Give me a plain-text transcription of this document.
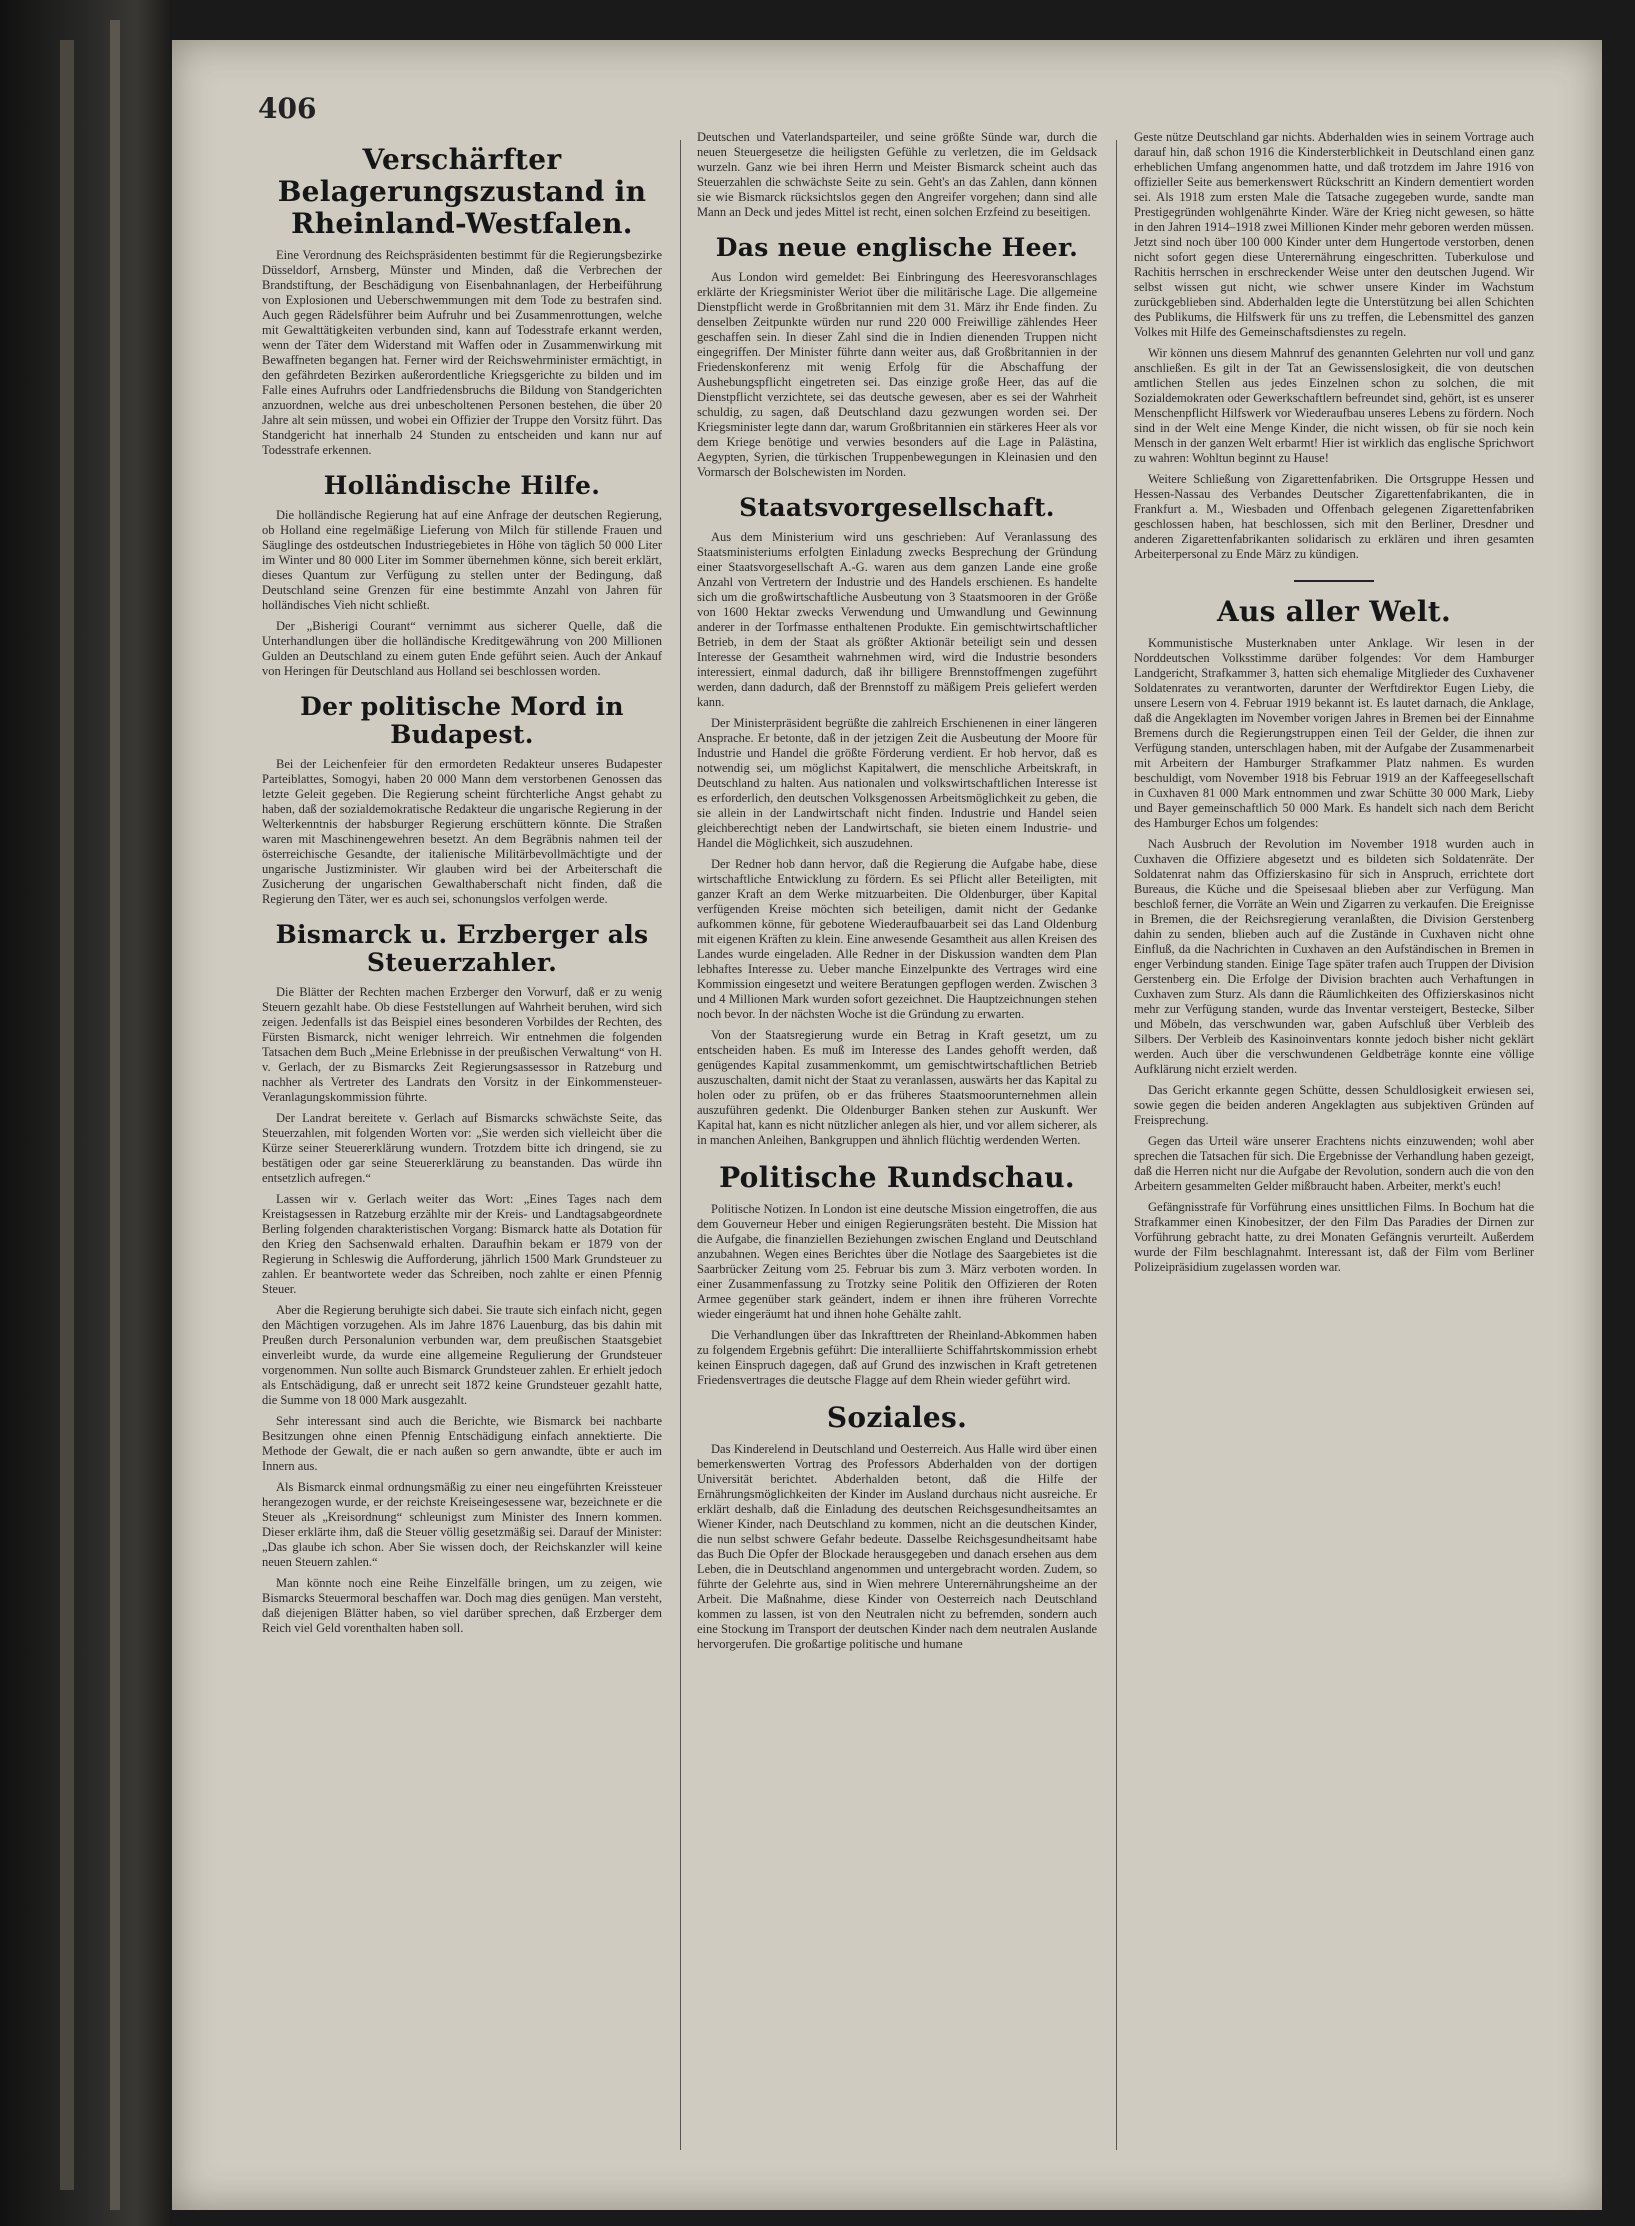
406
Verschärfter Belagerungszustand in Rheinland-Westfalen.

Eine Verordnung des Reichspräsidenten bestimmt für die Regierungsbezirke Düsseldorf, Arnsberg, Münster und Minden, daß die Verbrechen der Brandstiftung, der Beschädigung von Eisenbahnanlagen, der Herbeiführung von Explosionen und Ueberschwemmungen mit dem Tode zu bestrafen sind. Auch gegen Rädelsführer beim Aufruhr und bei Zusammenrottungen, welche mit Gewalttätigkeiten verbunden sind, kann auf Todesstrafe erkannt werden, wenn der Täter dem Widerstand mit Waffen oder in Zusammenwirkung mit Bewaffneten begangen hat. Ferner wird der Reichswehrminister ermächtigt, in den gefährdeten Bezirken außerordentliche Kriegsgerichte zu bilden und im Falle eines Aufruhrs oder Landfriedensbruchs die Bildung von Standgerichten anzuordnen, welche aus drei unbescholtenen Personen bestehen, die über 20 Jahre alt sein müssen, und wobei ein Offizier der Truppe den Vorsitz führt. Das Standgericht hat innerhalb 24 Stunden zu entscheiden und kann nur auf Todesstrafe erkennen.

Holländische Hilfe.

Die holländische Regierung hat auf eine Anfrage der deutschen Regierung, ob Holland eine regelmäßige Lieferung von Milch für stillende Frauen und Säuglinge des ostdeutschen Industriegebietes in Höhe von täglich 50 000 Liter im Winter und 80 000 Liter im Sommer übernehmen könne, sich bereit erklärt, dieses Quantum zur Verfügung zu stellen unter der Bedingung, daß Deutschland seine Grenzen für eine bestimmte Anzahl von Jahren für holländisches Vieh nicht schließt.

Der „Bisherigi Courant“ vernimmt aus sicherer Quelle, daß die Unterhandlungen über die holländische Kreditgewährung von 200 Millionen Gulden an Deutschland zu einem guten Ende geführt seien. Auch der Ankauf von Heringen für Deutschland aus Holland sei beschlossen worden.

Der politische Mord in Budapest.

Bei der Leichenfeier für den ermordeten Redakteur unseres Budapester Parteiblattes, Somogyi, haben 20 000 Mann dem verstorbenen Genossen das letzte Geleit gegeben. Die Regierung scheint fürchterliche Angst gehabt zu haben, daß der sozialdemokratische Redakteur die ungarische Regierung in der Welterkenntnis der habsburger Regierung erschüttern könnte. Die Straßen waren mit Maschinengewehren besetzt. An dem Begräbnis nahmen teil der österreichische Gesandte, der italienische Militärbevollmächtigte und der ungarische Justizminister. Wir glauben wird bei der Arbeiterschaft die Zusicherung der ungarischen Gewalthaberschaft nicht finden, daß die Regierung den Täter, wer es auch sei, schonungslos verfolgen werde.

Bismarck u. Erzberger als Steuerzahler.

Die Blätter der Rechten machen Erzberger den Vorwurf, daß er zu wenig Steuern gezahlt habe. Ob diese Feststellungen auf Wahrheit beruhen, wird sich zeigen. Jedenfalls ist das Beispiel eines besonderen Vorbildes der Rechten, des Fürsten Bismarck, nicht weniger lehrreich. Wir entnehmen die folgenden Tatsachen dem Buch „Meine Erlebnisse in der preußischen Verwaltung“ von H. v. Gerlach, der zu Bismarcks Zeit Regierungsassessor in Ratzeburg und nachher als Vertreter des Landrats den Vorsitz in der Einkommensteuer-Veranlagungskommission führte.

Der Landrat bereitete v. Gerlach auf Bismarcks schwächste Seite, das Steuerzahlen, mit folgenden Worten vor: „Sie werden sich vielleicht über die Kürze seiner Steuererklärung wundern. Trotzdem bitte ich dringend, sie zu bestätigen oder gar seine Steuererklärung zu beanstanden. Das würde ihn entsetzlich aufregen.“

Lassen wir v. Gerlach weiter das Wort: „Eines Tages nach dem Kreistagsessen in Ratzeburg erzählte mir der Kreis- und Landtagsabgeordnete Berling folgenden charakteristischen Vorgang: Bismarck hatte als Dotation für den Krieg den Sachsenwald erhalten. Daraufhin bekam er 1879 von der Regierung in Schleswig die Aufforderung, jährlich 1500 Mark Grundsteuer zu zahlen. Er beantwortete weder das Schreiben, noch zahlte er einen Pfennig Steuer.

Aber die Regierung beruhigte sich dabei. Sie traute sich einfach nicht, gegen den Mächtigen vorzugehen. Als im Jahre 1876 Lauenburg, das bis dahin mit Preußen durch Personalunion verbunden war, dem preußischen Staatsgebiet einverleibt wurde, da wurde eine allgemeine Regulierung der Grundsteuer vorgenommen. Nun sollte auch Bismarck Grundsteuer zahlen. Er erhielt jedoch als Entschädigung, daß er unrecht seit 1872 keine Grundsteuer gezahlt hatte, die Summe von 18 000 Mark ausgezahlt.

Sehr interessant sind auch die Berichte, wie Bismarck bei nachbarte Besitzungen ohne einen Pfennig Entschädigung einfach annektierte. Die Methode der Gewalt, die er nach außen so gern anwandte, übte er auch im Innern aus.

Als Bismarck einmal ordnungsmäßig zu einer neu eingeführten Kreissteuer herangezogen wurde, er der reichste Kreiseingesessene war, bezeichnete er die Steuer als „Kreisordnung“ schleunigst zum Minister des Innern kommen. Dieser erklärte ihm, daß die Steuer völlig gesetzmäßig sei. Darauf der Minister: „Das glaube ich schon. Aber Sie wissen doch, der Reichskanzler will keine neuen Steuern zahlen.“

Man könnte noch eine Reihe Einzelfälle bringen, um zu zeigen, wie Bismarcks Steuermoral beschaffen war. Doch mag dies genügen. Man versteht, daß diejenigen Blätter haben, so viel darüber sprechen, daß Erzberger dem Reich viel Geld vorenthalten haben soll.

Deutschen und Vaterlandsparteiler, und seine größte Sünde war, durch die neuen Steuergesetze die heiligsten Gefühle zu verletzen, die im Geldsack wurzeln. Ganz wie bei ihren Herrn und Meister Bismarck scheint auch das Steuerzahlen die schwächste Seite zu sein. Geht's an das Zahlen, dann können sie wie Bismarck rücksichtslos gegen den Angreifer vorgehen; dann sind alle Mann an Deck und jedes Mittel ist recht, einen solchen Erzfeind zu beseitigen.

Das neue englische Heer.

Aus London wird gemeldet: Bei Einbringung des Heeresvoranschlages erklärte der Kriegsminister Weriot über die militärische Lage. Die allgemeine Dienstpflicht werde in Großbritannien mit dem 31. März ihr Ende finden. Zu denselben Zeitpunkte würden nur rund 220 000 Freiwillige zählendes Heer geschaffen sein. In dieser Zahl sind die in Indien dienenden Truppen nicht eingegriffen. Der Minister führte dann weiter aus, daß Großbritannien in der Friedenskonferenz mit wenig Erfolg für die Abschaffung der Aushebungspflicht eingetreten sei. Das einzige große Heer, das auf die Dienstpflicht verzichtete, sei das deutsche gewesen, aber es sei der Wahrheit schuldig, zu sagen, daß Deutschland dazu gezwungen worden sei. Der Kriegsminister legte dann dar, warum Großbritannien ein stärkeres Heer als vor dem Kriege benötige und verwies besonders auf die Lage in Palästina, Aegypten, Syrien, die türkischen Truppenbewegungen in Kleinasien und den Vormarsch der Bolschewisten im Norden.

Staatsvorgesellschaft.

Aus dem Ministerium wird uns geschrieben: Auf Veranlassung des Staatsministeriums erfolgten Einladung zwecks Besprechung der Gründung einer Staatsvorgesellschaft A.-G. waren aus dem ganzen Lande eine große Anzahl von Vertretern der Industrie und des Handels erschienen. Es handelte sich um die großwirtschaftliche Ausbeutung von 3 Staatsmooren in der Größe von 1600 Hektar zwecks Verwendung und Umwandlung und Gewinnung anderer in der Torfmasse enthaltenen Produkte. Ein gemischtwirtschaftlicher Betrieb, in dem der Staat als größter Aktionär beteiligt sein und dessen Interesse der Gesamtheit wahrnehmen wird, wird die Industrie besonders interessiert, einmal dadurch, daß ihr billigere Brennstoffmengen zugeführt werden, dann dadurch, daß der Brennstoff zu mäßigem Preis geliefert werden kann.

Der Ministerpräsident begrüßte die zahlreich Erschienenen in einer längeren Ansprache. Er betonte, daß in der jetzigen Zeit die Ausbeutung der Moore für Industrie und Handel die größte Förderung verdient. Er hob hervor, daß es notwendig sei, um möglichst Kapitalwert, die menschliche Arbeitskraft, in Deutschland zu halten. Aus nationalen und volkswirtschaftlichen Interesse ist es erforderlich, den deutschen Volksgenossen Arbeitsmöglichkeit zu geben, die sie allein in der Landwirtschaft nicht finden. Industrie und Handel seien gleichberechtigt neben der Landwirtschaft, sie bieten einem Industrie- und Handel die Möglichkeit, sich auszudehnen.

Der Redner hob dann hervor, daß die Regierung die Aufgabe habe, diese wirtschaftliche Entwicklung zu fördern. Es sei Pflicht aller Beteiligten, mit ganzer Kraft an dem Werke mitzuarbeiten. Die Oldenburger, über Kapital verfügenden Kreise möchten sich beteiligen, damit nicht der Gedanke aufkommen könne, für gebotene Wiederaufbauarbeit sei das Land Oldenburg mit eigenen Kräften zu klein. Eine anwesende Gesamtheit aus allen Kreisen des Landes wurde eingeladen. Alle Redner in der Diskussion wandten dem Plan lebhaftes Interesse zu. Ueber manche Einzelpunkte des Vertrages wird eine Kommission eingesetzt und weitere Beratungen gepflogen werden. Zwischen 3 und 4 Millionen Mark wurden sofort gezeichnet. Die Hauptzeichnungen stehen noch bevor. In der nächsten Woche ist die Gründung zu erwarten.

Von der Staatsregierung wurde ein Betrag in Kraft gesetzt, um zu entscheiden haben. Es muß im Interesse des Landes gehofft werden, daß genügendes Kapital zusammenkommt, um gemischtwirtschaftlichen Betrieb auszuschalten, damit nicht der Staat zu veranlassen, auswärts her das Kapital zu holen oder zu prüfen, ob er das früheres Staatsmoorunternehmen allein auszuführen gedenkt. Die Oldenburger Banken stehen zur Auskunft. Wer Kapital hat, kann es nicht nützlicher anlegen als hier, und vor allem sicherer, als in manchen Anleihen, Bankgruppen und ähnlich flüchtig werdenden Werten.

Politische Rundschau.

Politische Notizen. In London ist eine deutsche Mission eingetroffen, die aus dem Gouverneur Heber und einigen Regierungsräten besteht. Die Mission hat die Aufgabe, die finanziellen Beziehungen zwischen England und Deutschland anzubahnen. Wegen eines Berichtes über die Notlage des Saargebietes ist die Saarbrücker Zeitung vom 25. Februar bis zum 3. März verboten worden. In einer Zusammenfassung zu Trotzky seine Politik den Offizieren der Roten Armee gegenüber stark geändert, indem er ihnen ihre früheren Vorrechte wieder eingeräumt hat und ihnen hohe Gehälte zahlt.

Die Verhandlungen über das Inkrafttreten der Rheinland-Abkommen haben zu folgendem Ergebnis geführt: Die interalliierte Schiffahrtskommission erhebt keinen Einspruch dagegen, daß auf Grund des inzwischen in Kraft getretenen Friedensvertrages die deutsche Flagge auf dem Rhein wieder geführt wird.

Soziales.

Das Kinderelend in Deutschland und Oesterreich. Aus Halle wird über einen bemerkenswerten Vortrag des Professors Abderhalden von der dortigen Universität berichtet. Abderhalden betont, daß die Hilfe der Ernährungsmöglichkeiten der Kinder im Ausland durchaus nicht ausreiche. Er erklärt deshalb, daß die Einladung des deutschen Reichsgesundheitsamtes an Wiener Kinder, nach Deutschland zu kommen, nicht an die deutschen Kinder, die nun selbst schwere Gefahr bedeute. Dasselbe Reichsgesundheitsamt habe das Buch Die Opfer der Blockade herausgegeben und danach ersehen aus dem Leben, die in Deutschland angenommen und untergebracht worden. Zudem, so führte der Gelehrte aus, sind in Wien mehrere Unterernährungsheime an der Arbeit. Die Maßnahme, diese Kinder von Oesterreich nach Deutschland kommen zu lassen, ist von den Neutralen nicht zu befremden, sondern auch eine Stockung im Transport der deutschen Kinder nach dem neutralen Auslande hervorgerufen. Die großartige politische und humane

Geste nütze Deutschland gar nichts. Abderhalden wies in seinem Vortrage auch darauf hin, daß schon 1916 die Kindersterblichkeit in Deutschland einen ganz erheblichen Umfang angenommen hatte, und daß trotzdem im Jahre 1916 von offizieller Seite aus bemerkenswert Rückschritt an Kindern dementiert worden sei. Als 1918 zum ersten Male die Tatsache zugegeben wurde, sandte man Prestigegründen wohlgenährte Kinder. Wäre der Krieg nicht gewesen, so hätte in den Jahren 1914–1918 zwei Millionen Kinder mehr geboren werden müssen. Jetzt sind noch über 100 000 Kinder unter dem Hungertode verstorben, denen nicht sofort gegen diese Unterernährung eingeschritten. Tuberkulose und Rachitis herrschen in erschreckender Weise unter den deutschen Jugend. Wir selbst wissen gut nicht, wie schwer unsere Kinder im Wachstum zurückgeblieben sind. Abderhalden legte die Unterstützung bei allen Schichten des Publikums, die Hilfswerk für uns zu treffen, die Lebensmittel des ganzen Volkes mit Hilfe des Gemeinschaftsdienstes zu regeln.

Wir können uns diesem Mahnruf des genannten Gelehrten nur voll und ganz anschließen. Es gilt in der Tat an Gewissenslosigkeit, die von deutschen amtlichen Stellen aus jedes Einzelnen schon zu solchen, die mit Sozialdemokraten oder Gewerkschaftlern befreundet sind, gehört, ist es unserer Menschenpflicht Hilfswerk vor Wiederaufbau unseres Lebens zu fördern. Noch sind in der Welt eine Menge Kinder, die nicht wissen, ob für sie noch kein Mensch in der ganzen Welt erbarmt! Hier ist wirklich das englische Sprichwort zu wahren: Wohltun beginnt zu Hause!

Weitere Schließung von Zigarettenfabriken. Die Ortsgruppe Hessen und Hessen-Nassau des Verbandes Deutscher Zigarettenfabrikanten, die in Frankfurt a. M., Wiesbaden und Offenbach gelegenen Zigarettenfabriken geschlossen haben, hat beschlossen, sich mit den Berliner, Dresdner und anderen Zigarettenfabrikanten solidarisch zu erklären und ihren gesamten Arbeiterpersonal zu Ende März zu kündigen.

Aus aller Welt.

Kommunistische Musterknaben unter Anklage. Wir lesen in der Norddeutschen Volksstimme darüber folgendes: Vor dem Hamburger Landgericht, Strafkammer 3, hatten sich ehemalige Mitglieder des Cuxhavener Soldatenrates zu verantworten, darunter der Werftdirektor Eugen Lieby, die unsere Lesern von 4. Februar 1919 bekannt ist. Es lautet darnach, die Anklage, daß die Angeklagten im November vorigen Jahres in Bremen bei der Einnahme Bremens durch die Regierungstruppen einen Teil der Gelder, die ihnen zur Verfügung standen, unterschlagen haben, mit der Aufgabe der Zusammenarbeit mit Arbeitern der Hamburger Strafkammer Platz nahmen. Es wurden beschuldigt, vom November 1918 bis Februar 1919 an der Kaffeegesellschaft in Cuxhaven 81 000 Mark entnommen und zwar Schütte 30 000 Mark, Lieby und Bayer gemeinschaftlich 50 000 Mark. Es handelt sich nach dem Bericht des Hamburger Echos um folgendes:

Nach Ausbruch der Revolution im November 1918 wurden auch in Cuxhaven die Offiziere abgesetzt und es bildeten sich Soldatenräte. Der Soldatenrat nahm das Offizierskasino für sich in Anspruch, errichtete dort Bureaus, die Küche und die Speisesaal blieben aber zur Verfügung. Man beschloß ferner, die Vorräte an Wein und Zigarren zu verkaufen. Die Ereignisse in Bremen, die der Reichsregierung veranlaßten, die Division Gerstenberg dahin zu senden, blieben auch auf die Zustände in Cuxhaven nicht ohne Einfluß, da die Nachrichten in Cuxhaven an den Aufständischen in Bremen in enger Verbindung standen. Einige Tage später trafen auch Truppen der Division Gerstenberg ein. Die Erfolge der Division brachten auch Verhaftungen in Cuxhaven zum Sturz. Als dann die Räumlichkeiten des Offizierskasinos nicht mehr zur Verfügung standen, wurde das Inventar versteigert, Bestecke, Silber und Möbeln, das verschwunden war, gaben Aufschluß über Verbleib des Silbers. Der Verbleib des Kasinoinventars konnte jedoch bisher nicht geklärt werden. Auch über die verschwundenen Geldbeträge konnte eine völlige Aufklärung nicht erzielt werden.

Das Gericht erkannte gegen Schütte, dessen Schuldlosigkeit erwiesen sei, sowie gegen die beiden anderen Angeklagten aus subjektiven Gründen auf Freisprechung.

Gegen das Urteil wäre unserer Erachtens nichts einzuwenden; wohl aber sprechen die Tatsachen für sich. Die Ergebnisse der Verhandlung haben gezeigt, daß die Herren nicht nur die Aufgabe der Revolution, sondern auch die von den Arbeitern gesammelten Gelder mißbraucht haben. Arbeiter, merkt's euch!

Gefängnisstrafe für Vorführung eines unsittlichen Films. In Bochum hat die Strafkammer einen Kinobesitzer, der den Film Das Paradies der Dirnen zur Vorführung gebracht hatte, zu drei Monaten Gefängnis verurteilt. Außerdem wurde der Film beschlagnahmt. Interessant ist, daß der Film vom Berliner Polizeipräsidium zugelassen worden war.
